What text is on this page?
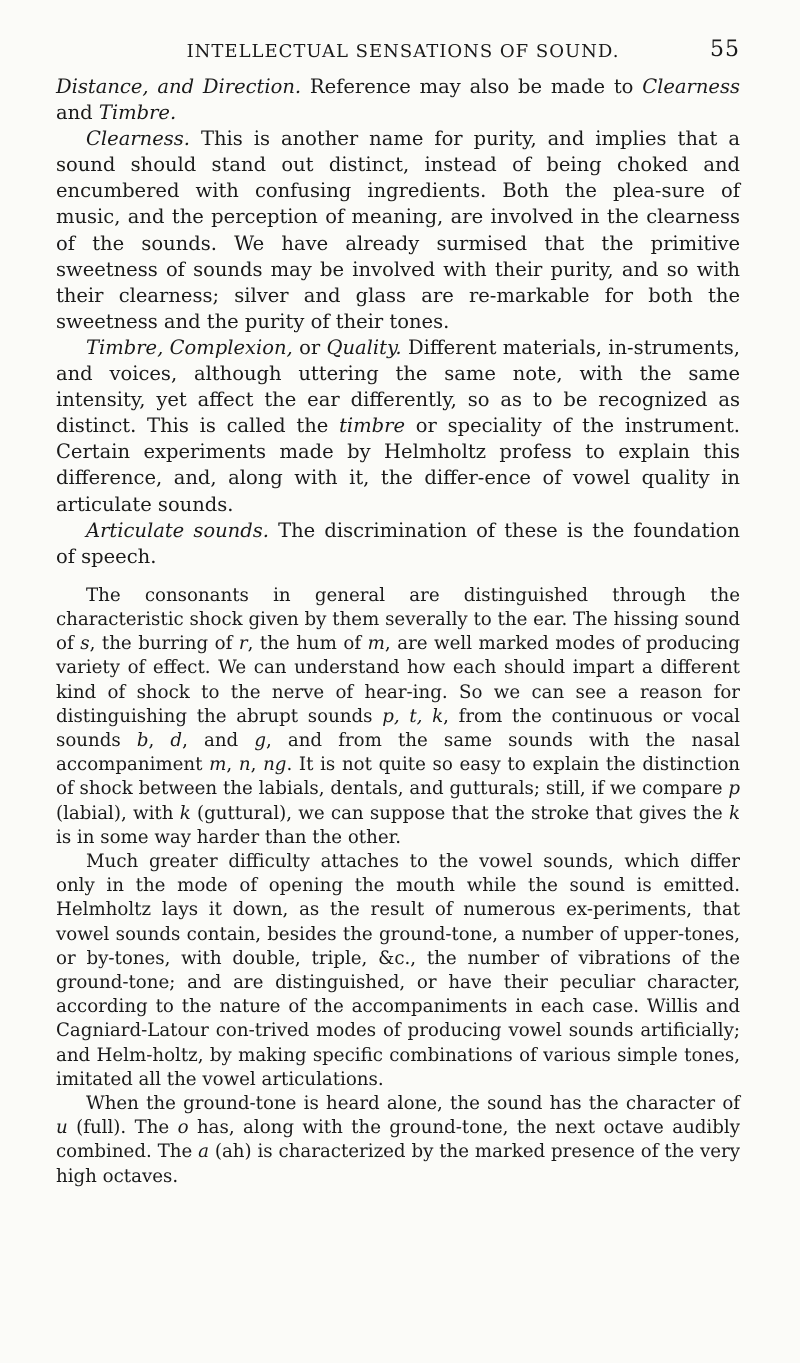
INTELLECTUAL SENSATIONS OF SOUND.	55

Distance, and Direction. Reference may also be made to Clearness and Timbre.

Clearness. This is another name for purity, and implies that a sound should stand out distinct, instead of being choked and encumbered with confusing ingredients. Both the plea-sure of music, and the perception of meaning, are involved in the clearness of the sounds. We have already surmised that the primitive sweetness of sounds may be involved with their purity, and so with their clearness; silver and glass are re-markable for both the sweetness and the purity of their tones.

Timbre, Complexion, or Quality. Different materials, in-struments, and voices, although uttering the same note, with the same intensity, yet affect the ear differently, so as to be recognized as distinct. This is called the timbre or speciality of the instrument. Certain experiments made by Helmholtz profess to explain this difference, and, along with it, the differ-ence of vowel quality in articulate sounds.

Articulate sounds. The discrimination of these is the foundation of speech.

The consonants in general are distinguished through the characteristic shock given by them severally to the ear. The hissing sound of s, the burring of r, the hum of m, are well marked modes of producing variety of effect. We can understand how each should impart a different kind of shock to the nerve of hear-ing. So we can see a reason for distinguishing the abrupt sounds p, t, k, from the continuous or vocal sounds b, d, and g, and from the same sounds with the nasal accompaniment m, n, ng. It is not quite so easy to explain the distinction of shock between the labials, dentals, and gutturals; still, if we compare p (labial), with k (guttural), we can suppose that the stroke that gives the k is in some way harder than the other.

Much greater difficulty attaches to the vowel sounds, which differ only in the mode of opening the mouth while the sound is emitted. Helmholtz lays it down, as the result of numerous ex-periments, that vowel sounds contain, besides the ground-tone, a number of upper-tones, or by-tones, with double, triple, &c., the number of vibrations of the ground-tone; and are distinguished, or have their peculiar character, according to the nature of the accompaniments in each case. Willis and Cagniard-Latour con-trived modes of producing vowel sounds artificially; and Helm-holtz, by making specific combinations of various simple tones, imitated all the vowel articulations.

When the ground-tone is heard alone, the sound has the character of u (full). The o has, along with the ground-tone, the next octave audibly combined. The a (ah) is characterized by the marked presence of the very high octaves.
